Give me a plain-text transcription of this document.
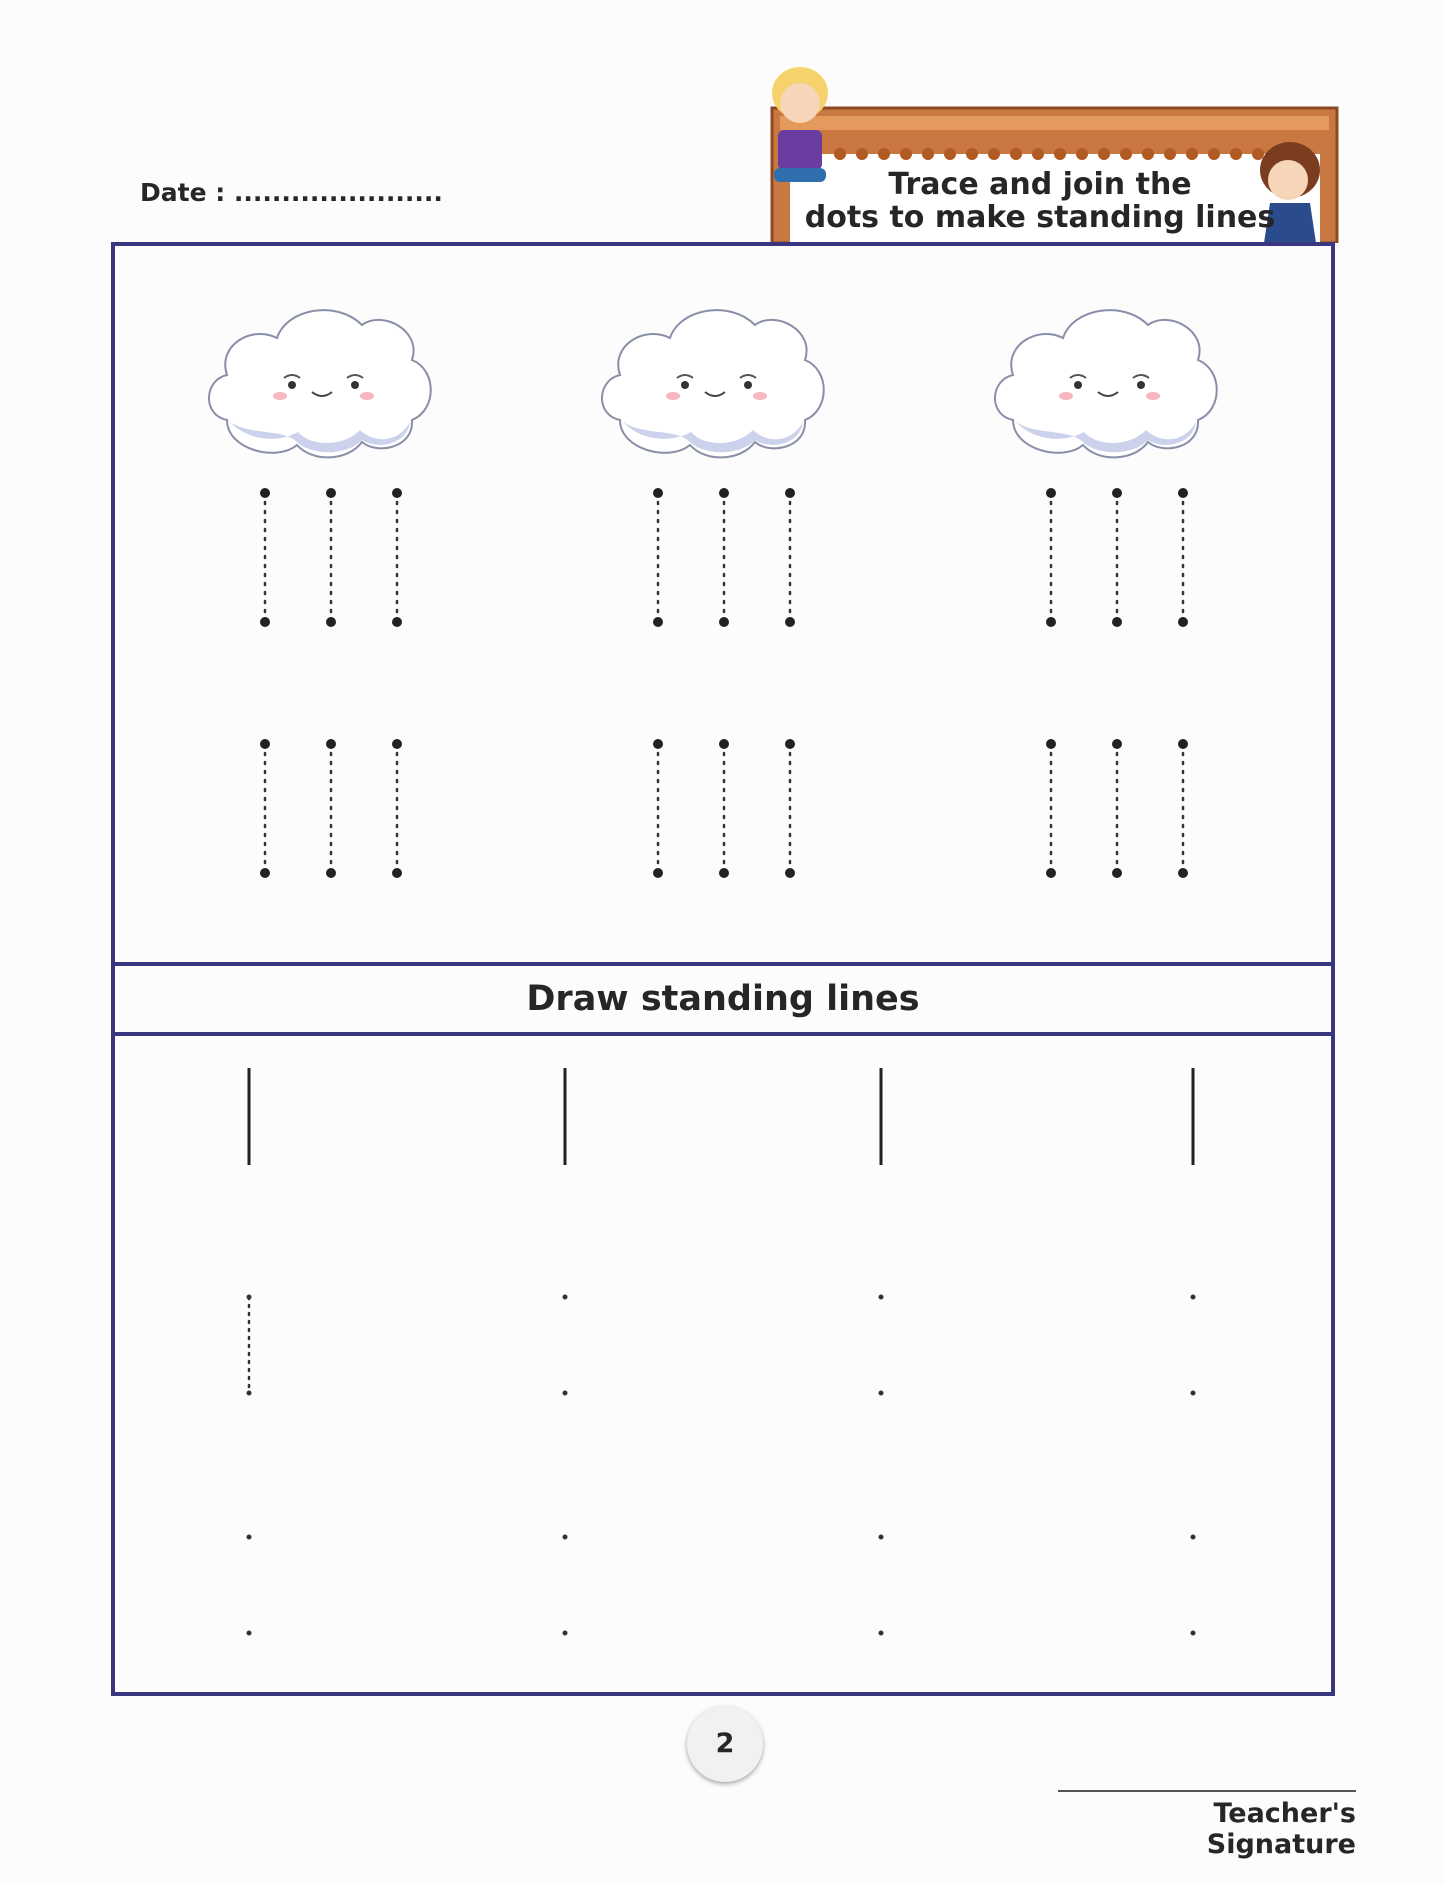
Date : ......................	Trace and join the
dots to make standing lines
Draw standing lines
2
Teacher's Signature
